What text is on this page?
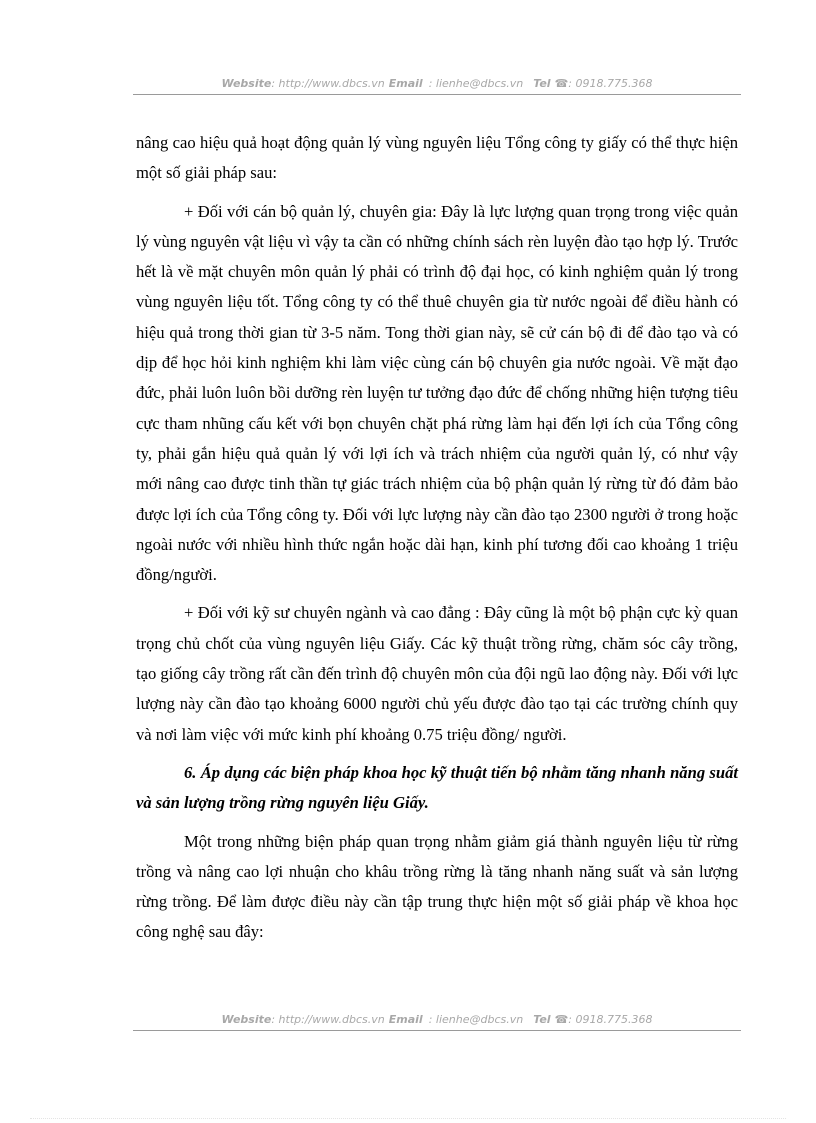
Website: http://www.dbcs.vn Email : lienhe@dbcs.vn Tel ☎: 0918.775.368

nâng cao hiệu quả hoạt động quản lý vùng nguyên liệu Tổng công ty giấy có thể thực hiện một số giải pháp sau:

+ Đối với cán bộ quản lý, chuyên gia: Đây là lực lượng quan trọng trong việc quản lý vùng nguyên vật liệu vì vậy ta cần có những chính sách rèn luyện đào tạo hợp lý. Trước hết là về mặt chuyên môn quản lý phải có trình độ đại học, có kinh nghiệm quản lý trong vùng nguyên liệu tốt. Tổng công ty có thể thuê chuyên gia từ nước ngoài để điều hành có hiệu quả trong thời gian từ 3-5 năm. Tong thời gian này, sẽ cử cán bộ đi để đào tạo và có dịp để học hỏi kinh nghiệm khi làm việc cùng cán bộ chuyên gia nước ngoài. Về mặt đạo đức, phải luôn luôn bồi dưỡng rèn luyện tư tưởng đạo đức để chống những hiện tượng tiêu cực tham nhũng cấu kết với bọn chuyên chặt phá rừng làm hại đến lợi ích của Tổng công ty, phải gắn hiệu quả quản lý với lợi ích và trách nhiệm của người quản lý, có như vậy mới nâng cao được tinh thần tự giác trách nhiệm của bộ phận quản lý rừng từ đó đảm bảo được lợi ích của Tổng công ty. Đối với lực lượng này cần đào tạo 2300 người ở trong hoặc ngoài nước với nhiều hình thức ngắn hoặc dài hạn, kinh phí tương đối cao khoảng 1 triệu đồng/người.

+ Đối với kỹ sư chuyên ngành và cao đẳng : Đây cũng là một bộ phận cực kỳ quan trọng chủ chốt của vùng nguyên liệu Giấy. Các kỹ thuật trồng rừng, chăm sóc cây trồng, tạo giống cây trồng rất cần đến trình độ chuyên môn của đội ngũ lao động này. Đối với lực lượng này cần đào tạo khoảng 6000 người chủ yếu được đào tạo tại các trường chính quy và nơi làm việc với mức kinh phí khoảng 0.75 triệu đồng/ người.

6. Áp dụng các biện pháp khoa học kỹ thuật tiến bộ nhằm tăng nhanh năng suất và sản lượng trồng rừng nguyên liệu Giấy.

Một trong những biện pháp quan trọng nhằm giảm giá thành nguyên liệu từ rừng trồng và nâng cao lợi nhuận cho khâu trồng rừng là tăng nhanh năng suất và sản lượng rừng trồng. Để làm được điều này cần tập trung thực hiện một số giải pháp về khoa học công nghệ sau đây:

Website: http://www.dbcs.vn Email : lienhe@dbcs.vn Tel ☎: 0918.775.368
